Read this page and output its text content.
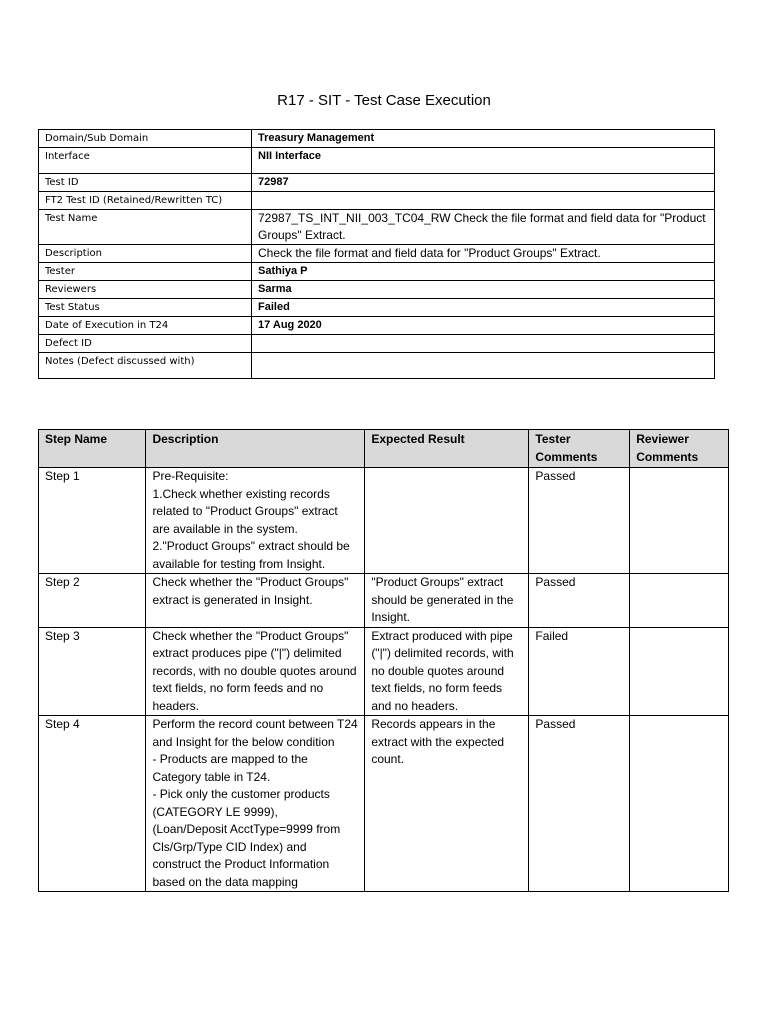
R17 - SIT - Test Case Execution
Domain/Sub Domain	Treasury Management
Interface	NII Interface
Test ID	72987
FT2 Test ID (Retained/Rewritten TC)	
Test Name	72987_TS_INT_NII_003_TC04_RW Check the file format and field data for "Product Groups" Extract.
Description	Check the file format and field data for "Product Groups" Extract.
Tester	Sathiya P
Reviewers	Sarma
Test Status	Failed
Date of Execution in T24	17 Aug 2020
Defect ID	
Notes (Defect discussed with)	
Step Name	Description	Expected Result	Tester Comments	Reviewer Comments
Step 1	Pre-Requisite:
1.Check whether existing records related to "Product Groups" extract are available in the system.
2."Product Groups" extract should be available for testing from Insight.		Passed	
Step 2	Check whether the "Product Groups" extract is generated in Insight.	"Product Groups" extract should be generated in the Insight.	Passed	
Step 3	Check whether the "Product Groups" extract produces pipe ("|") delimited records, with no double quotes around text fields, no form feeds and no headers.	Extract produced with pipe ("|") delimited records, with no double quotes around text fields, no form feeds and no headers.	Failed	
Step 4	Perform the record count between T24 and Insight for the below condition
- Products are mapped to the Category table in T24.
- Pick only the customer products (CATEGORY LE 9999),
(Loan/Deposit AcctType=9999 from Cls/Grp/Type CID Index) and construct the Product Information based on the data mapping	Records appears in the extract with the expected count.	Passed	
